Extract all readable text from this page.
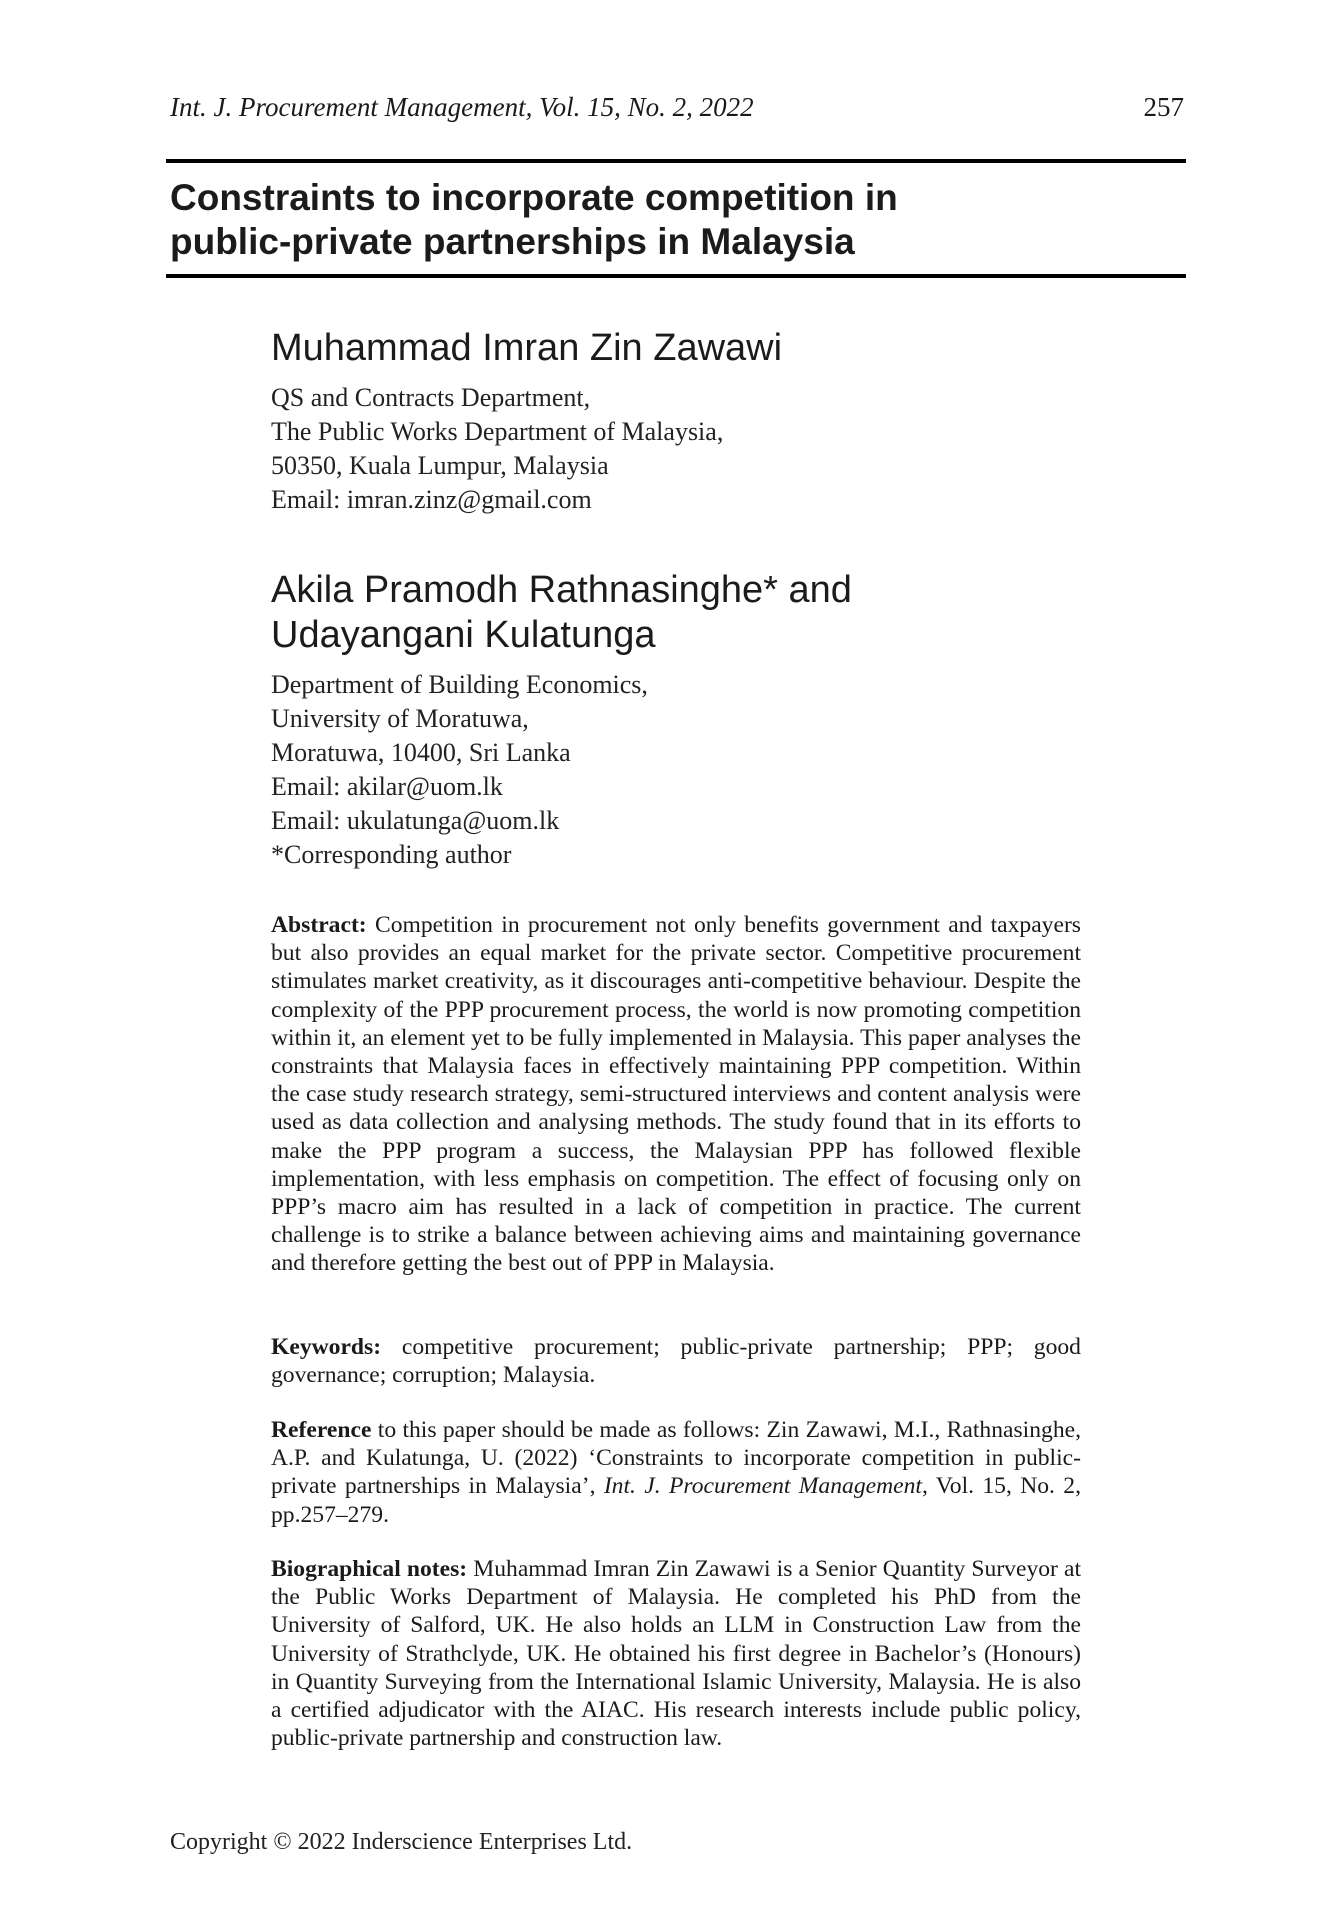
Int. J. Procurement Management, Vol. 15, No. 2, 2022	257
Constraints to incorporate competition in
public-private partnerships in Malaysia
Muhammad Imran Zin Zawawi
QS and Contracts Department,
The Public Works Department of Malaysia,
50350, Kuala Lumpur, Malaysia
Email: imran.zinz@gmail.com
Akila Pramodh Rathnasinghe* and
Udayangani Kulatunga
Department of Building Economics,
University of Moratuwa,
Moratuwa, 10400, Sri Lanka
Email: akilar@uom.lk
Email: ukulatunga@uom.lk
*Corresponding author
Abstract: Competition in procurement not only benefits government and taxpayers but also provides an equal market for the private sector. Competitive procurement stimulates market creativity, as it discourages anti-competitive behaviour. Despite the complexity of the PPP procurement process, the world is now promoting competition within it, an element yet to be fully implemented in Malaysia. This paper analyses the constraints that Malaysia faces in effectively maintaining PPP competition. Within the case study research strategy, semi-structured interviews and content analysis were used as data collection and analysing methods. The study found that in its efforts to make the PPP program a success, the Malaysian PPP has followed flexible implementation, with less emphasis on competition. The effect of focusing only on PPP’s macro aim has resulted in a lack of competition in practice. The current challenge is to strike a balance between achieving aims and maintaining governance and therefore getting the best out of PPP in Malaysia.
Keywords: competitive procurement; public-private partnership; PPP; good governance; corruption; Malaysia.
Reference to this paper should be made as follows: Zin Zawawi, M.I., Rathnasinghe, A.P. and Kulatunga, U. (2022) ‘Constraints to incorporate competition in public-private partnerships in Malaysia’, Int. J. Procurement Management, Vol. 15, No. 2, pp.257–279.
Biographical notes: Muhammad Imran Zin Zawawi is a Senior Quantity Surveyor at the Public Works Department of Malaysia. He completed his PhD from the University of Salford, UK. He also holds an LLM in Construction Law from the University of Strathclyde, UK. He obtained his first degree in Bachelor’s (Honours) in Quantity Surveying from the International Islamic University, Malaysia. He is also a certified adjudicator with the AIAC. His research interests include public policy, public-private partnership and construction law.
Copyright © 2022 Inderscience Enterprises Ltd.
